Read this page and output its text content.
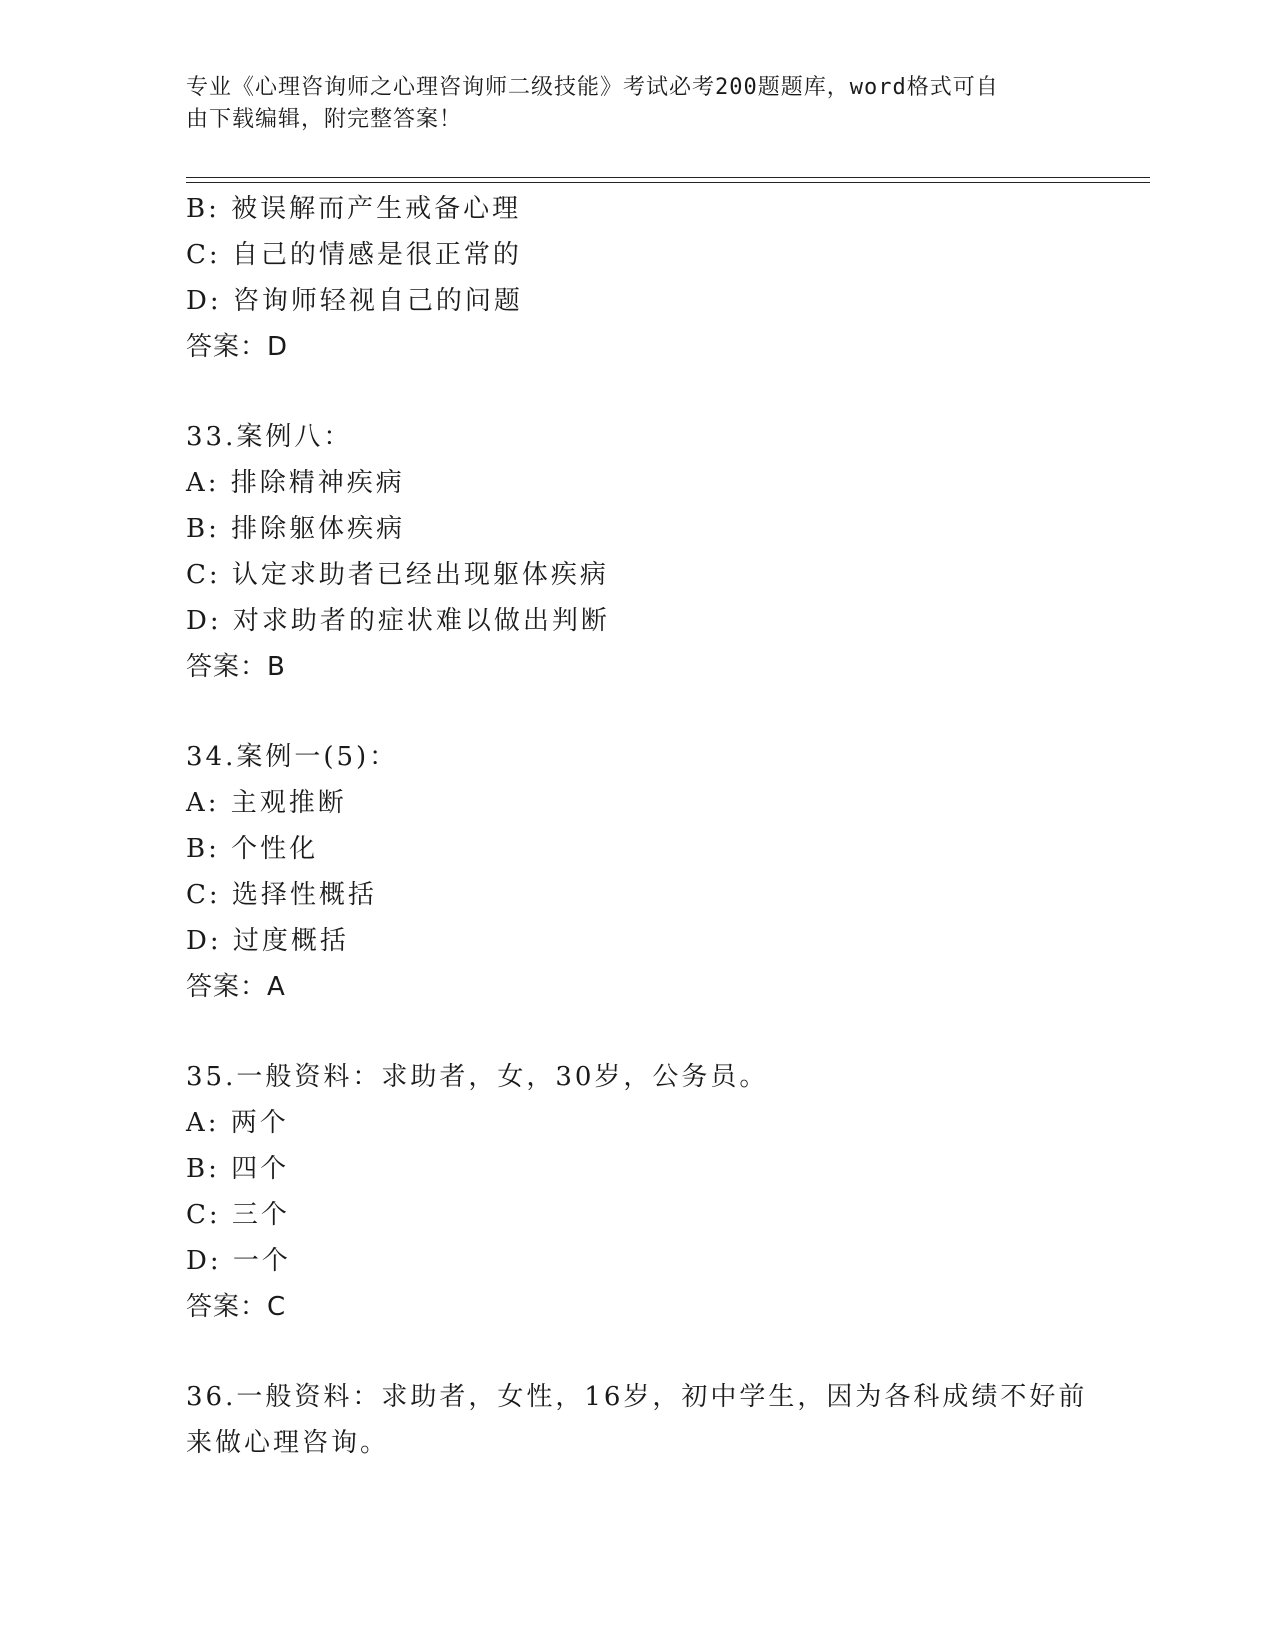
专业《心理咨询师之心理咨询师二级技能》考试必考200题题库，word格式可自
由下载编辑，附完整答案！
B: 被误解而产生戒备心理
C: 自己的情感是很正常的
D: 咨询师轻视自己的问题
答案：D
33.案例八：
A: 排除精神疾病
B: 排除躯体疾病
C: 认定求助者已经出现躯体疾病
D: 对求助者的症状难以做出判断
答案：B
34.案例一(5)：
A: 主观推断
B: 个性化
C: 选择性概括
D: 过度概括
答案：A
35.一般资料：求助者，女，30岁，公务员。
A: 两个
B: 四个
C: 三个
D: 一个
答案：C
36.一般资料：求助者，女性，16岁，初中学生，因为各科成绩不好前
来做心理咨询。
